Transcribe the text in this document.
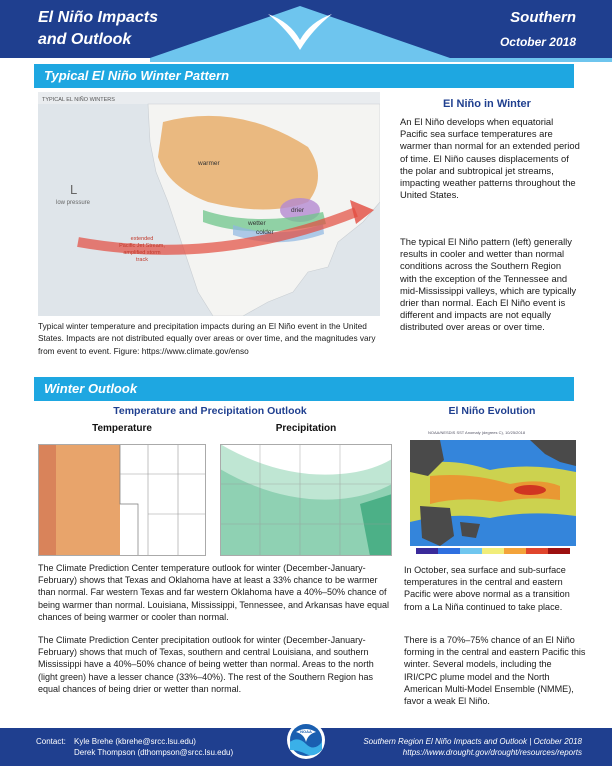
El Niño Impacts
and Outlook
Southern
October 2018
Typical El Niño Winter Pattern
TYPICAL EL NIÑO WINTERS
warmer
L
low pressure
drier
wetter
colder
extended
Pacific Jet Stream,
amplified storm
track
Typical winter temperature and precipitation impacts during an El Niño event in the United States. Impacts are not distributed equally over areas or over time, and the magnitudes vary from event to event. Figure: https://www.climate.gov/enso
El Niño in Winter
An El Niño develops when equatorial Pacific sea surface temperatures are warmer than normal for an extended period of time. El Niño causes displacements of the polar and subtropical jet streams, impacting weather patterns throughout the United States.
The typical El Niño pattern (left) generally results in cooler and wetter than normal conditions across the Southern Region with the exception of the Tennessee and mid-Mississippi valleys, which are typically drier than normal. Each El Niño event is different and impacts are not equally distributed over areas or over time.
Winter Outlook
Temperature and Precipitation Outlook
Temperature	Precipitation
The Climate Prediction Center temperature outlook for winter (December-January-February) shows that Texas and Oklahoma have at least a 33% chance to be warmer than normal. Far western Texas and far western Oklahoma have a 40%–50% chance of being warmer than normal. Louisiana, Mississippi, Tennessee, and Arkansas have equal chances of being warmer or cooler than normal.
The Climate Prediction Center precipitation outlook for winter (December-January-February) shows that much of Texas, southern and central Louisiana, and southern Mississippi have a 40%–50% chance of being wetter than normal. Areas to the north (light green) have a lesser chance (33%–40%). The rest of the Southern Region has equal chances of being drier or wetter than normal.
El Niño Evolution
NOAA/NESDIS SST Anomaly (degrees C), 10/25/2018
In October, sea surface and sub-surface temperatures in the central and eastern Pacific were above normal as a transition from a La Niña continued to take place.
There is a 70%–75% chance of an El Niño forming in the central and eastern Pacific this winter. Several models, including the IRI/CPC plume model and the North American Multi-Model Ensemble (NMME), favor a weak El Niño.
Contact: Kyle Brehe (kbrehe@srcc.lsu.edu)
Derek Thompson (dthompson@srcc.lsu.edu)
NOAA
Southern Region El Niño Impacts and Outlook | October 2018
https://www.drought.gov/drought/resources/reports
